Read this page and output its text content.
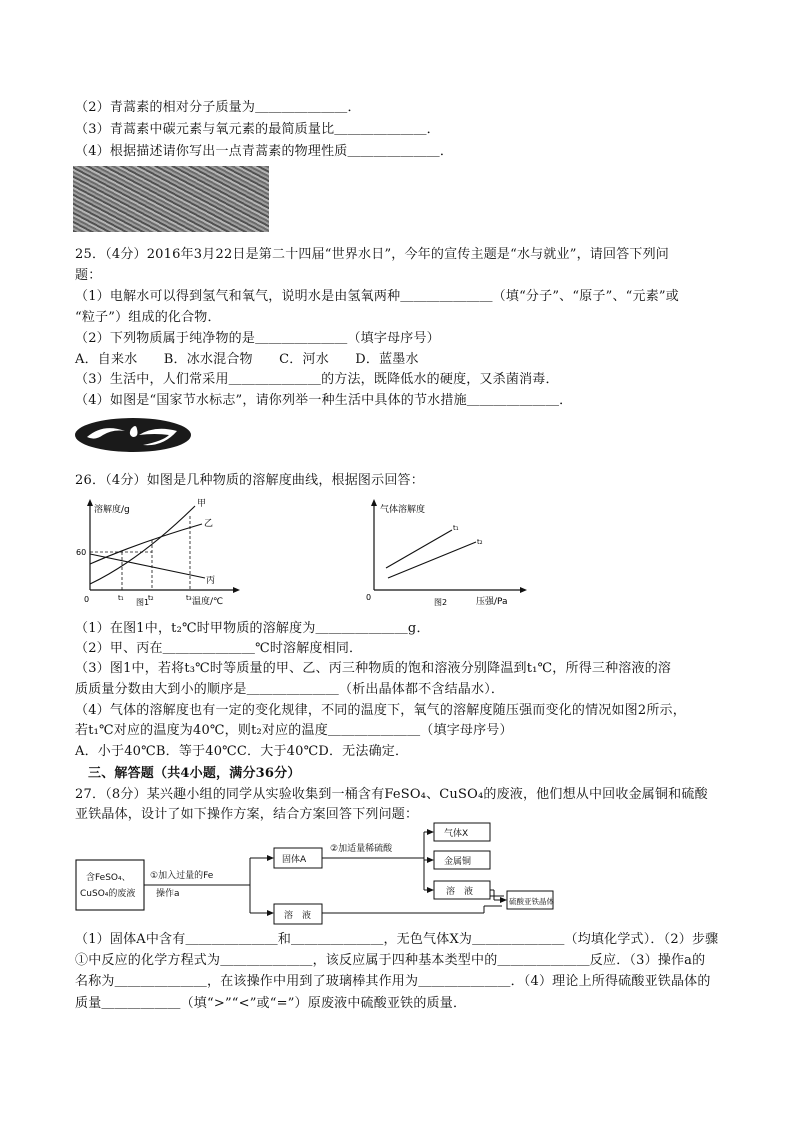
（2）青蒿素的相对分子质量为＿＿＿＿＿＿＿．
（3）青蒿素中碳元素与氧元素的最简质量比＿＿＿＿＿＿＿．
（4）根据描述请你写出一点青蒿素的物理性质＿＿＿＿＿＿＿．
25．（4分）2016年3月22日是第二十四届“世界水日”，今年的宣传主题是“水与就业”，请回答下列问
题：
（1）电解水可以得到氢气和氧气，说明水是由氢氧两种＿＿＿＿＿＿＿（填“分子”、“原子”、“元素”或
“粒子”）组成的化合物．
（2）下列物质属于纯净物的是＿＿＿＿＿＿＿（填字母序号）
A．自来水　　B．冰水混合物　　C．河水　　D．蓝墨水
（3）生活中，人们常采用＿＿＿＿＿＿＿的方法，既降低水的硬度，又杀菌消毒．
（4）如图是“国家节水标志”，请你列举一种生活中具体的节水措施＿＿＿＿＿＿＿．
26．（4分）如图是几种物质的溶解度曲线，根据图示回答：
溶解度/g
60
0	t₁	t₂	t₃
甲
乙
丙
温度/℃
图1
气体溶解度
t₁
t₂
0
图2	压强/Pa
（1）在图1中，t₂℃时甲物质的溶解度为＿＿＿＿＿＿＿g．
（2）甲、丙在＿＿＿＿＿＿＿℃时溶解度相同．
（3）图1中，若将t₃℃时等质量的甲、乙、丙三种物质的饱和溶液分别降温到t₁℃，所得三种溶液的溶
质质量分数由大到小的顺序是＿＿＿＿＿＿＿（析出晶体都不含结晶水）．
（4）气体的溶解度也有一定的变化规律，不同的温度下，氧气的溶解度随压强而变化的情况如图2所示，
若t₁℃对应的温度为40℃，则t₂对应的温度＿＿＿＿＿＿＿（填字母序号）
A．小于40℃B．等于40℃C．大于40℃D．无法确定．
三、解答题（共4小题，满分36分）
27．（8分）某兴趣小组的同学从实验收集到一桶含有FeSO₄、CuSO₄的废液，他们想从中回收金属铜和硫酸
亚铁晶体，设计了如下操作方案，结合方案回答下列问题：
含FeSO₄、
CuSO₄的废液
①加入过量的Fe
操作a
固体A
溶　液
②加适量稀硫酸
气体X
金属铜
溶　液
硫酸亚铁晶体
（1）固体A中含有＿＿＿＿＿＿＿和＿＿＿＿＿＿＿，无色气体X为＿＿＿＿＿＿＿（均填化学式）．（2）步骤
①中反应的化学方程式为＿＿＿＿＿＿＿，该反应属于四种基本类型中的＿＿＿＿＿＿＿反应．（3）操作a的
名称为＿＿＿＿＿＿＿，在该操作中用到了玻璃棒其作用为＿＿＿＿＿＿＿．（4）理论上所得硫酸亚铁晶体的
质量＿＿＿＿＿＿（填“>”“<”或“=”）原废液中硫酸亚铁的质量．
